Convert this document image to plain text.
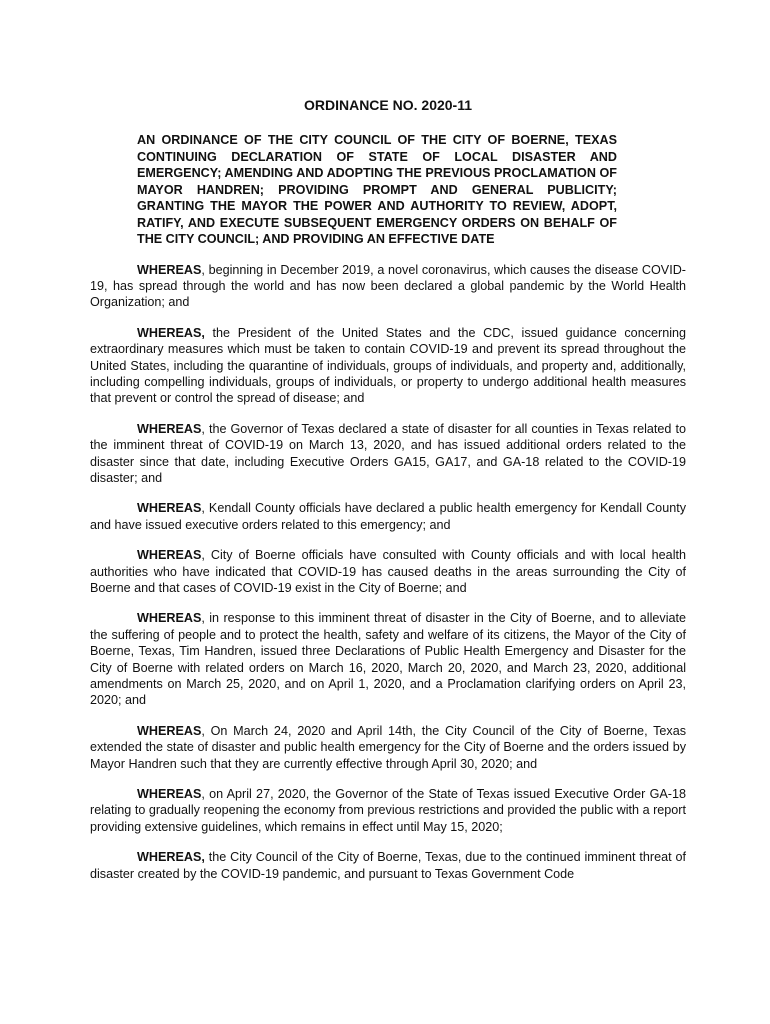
ORDINANCE NO. 2020-11
AN ORDINANCE OF THE CITY COUNCIL OF THE CITY OF BOERNE, TEXAS CONTINUING DECLARATION OF STATE OF LOCAL DISASTER AND EMERGENCY; AMENDING AND ADOPTING THE PREVIOUS PROCLAMATION OF MAYOR HANDREN; PROVIDING PROMPT AND GENERAL PUBLICITY; GRANTING THE MAYOR THE POWER AND AUTHORITY TO REVIEW, ADOPT, RATIFY, AND EXECUTE SUBSEQUENT EMERGENCY ORDERS ON BEHALF OF THE CITY COUNCIL; AND PROVIDING AN EFFECTIVE DATE

WHEREAS, beginning in December 2019, a novel coronavirus, which causes the disease COVID-19, has spread through the world and has now been declared a global pandemic by the World Health Organization; and

WHEREAS, the President of the United States and the CDC, issued guidance concerning extraordinary measures which must be taken to contain COVID-19 and prevent its spread throughout the United States, including the quarantine of individuals, groups of individuals, and property and, additionally, including compelling individuals, groups of individuals, or property to undergo additional health measures that prevent or control the spread of disease; and

WHEREAS, the Governor of Texas declared a state of disaster for all counties in Texas related to the imminent threat of COVID-19 on March 13, 2020, and has issued additional orders related to the disaster since that date, including Executive Orders GA15, GA17, and GA-18 related to the COVID-19 disaster; and

WHEREAS, Kendall County officials have declared a public health emergency for Kendall County and have issued executive orders related to this emergency; and

WHEREAS, City of Boerne officials have consulted with County officials and with local health authorities who have indicated that COVID-19 has caused deaths in the areas surrounding the City of Boerne and that cases of COVID-19 exist in the City of Boerne; and

WHEREAS, in response to this imminent threat of disaster in the City of Boerne, and to alleviate the suffering of people and to protect the health, safety and welfare of its citizens, the Mayor of the City of Boerne, Texas, Tim Handren, issued three Declarations of Public Health Emergency and Disaster for the City of Boerne with related orders on March 16, 2020, March 20, 2020, and March 23, 2020, additional amendments on March 25, 2020, and on April 1, 2020, and a Proclamation clarifying orders on April 23, 2020; and

WHEREAS, On March 24, 2020 and April 14th, the City Council of the City of Boerne, Texas extended the state of disaster and public health emergency for the City of Boerne and the orders issued by Mayor Handren such that they are currently effective through April 30, 2020; and

WHEREAS, on April 27, 2020, the Governor of the State of Texas issued Executive Order GA-18 relating to gradually reopening the economy from previous restrictions and provided the public with a report providing extensive guidelines, which remains in effect until May 15, 2020;

WHEREAS, the City Council of the City of Boerne, Texas, due to the continued imminent threat of disaster created by the COVID-19 pandemic, and pursuant to Texas Government Code
